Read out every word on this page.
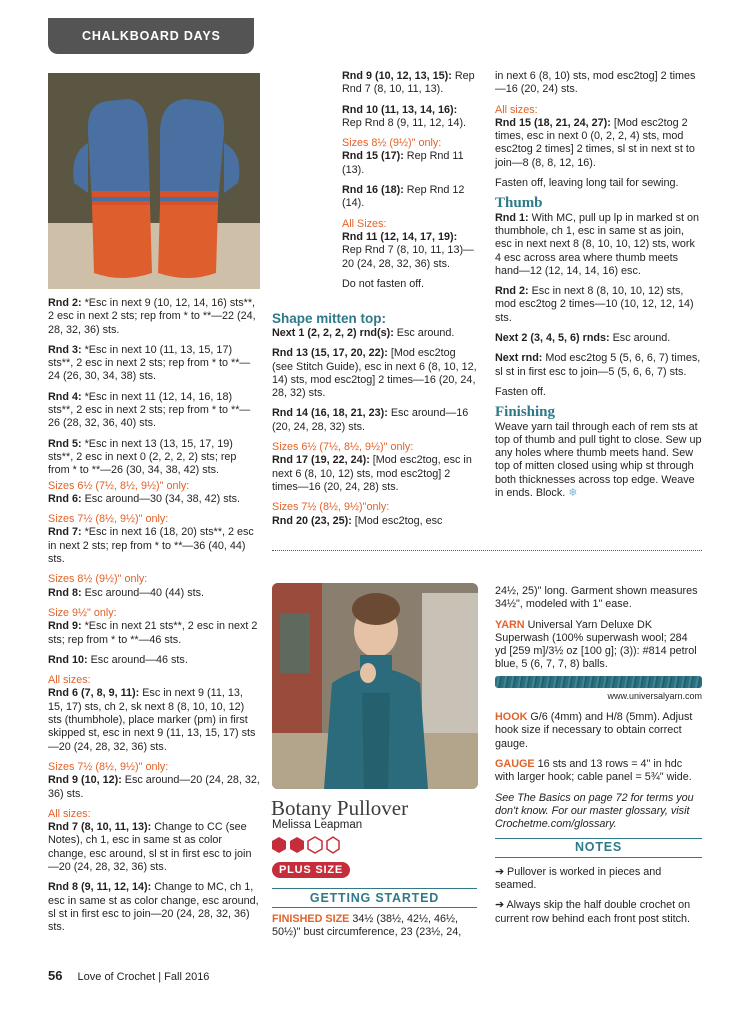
CHALKBOARD DAYS

Rnd 2: *Esc in next 9 (10, 12, 14, 16) sts**, 2 esc in next 2 sts; rep from * to **—22 (24, 28, 32, 36) sts.

Rnd 3: *Esc in next 10 (11, 13, 15, 17) sts**, 2 esc in next 2 sts; rep from * to **—24 (26, 30, 34, 38) sts.

Rnd 4: *Esc in next 11 (12, 14, 16, 18) sts**, 2 esc in next 2 sts; rep from * to **—26 (28, 32, 36, 40) sts.

Rnd 5: *Esc in next 13 (13, 15, 17, 19) sts**, 2 esc in next 0 (2, 2, 2, 2) sts; rep from * to **—26 (30, 34, 38, 42) sts.

Sizes 6½ (7½, 8½, 9½)" only:

Rnd 6: Esc around—30 (34, 38, 42) sts.

Sizes 7½ (8½, 9½)" only:

Rnd 7: *Esc in next 16 (18, 20) sts**, 2 esc in next 2 sts; rep from * to **—36 (40, 44) sts.

Sizes 8½ (9½)" only:

Rnd 8: Esc around—40 (44) sts.

Size 9½" only:

Rnd 9: *Esc in next 21 sts**, 2 esc in next 2 sts; rep from * to **—46 sts.

Rnd 10: Esc around—46 sts.

All sizes:

Rnd 6 (7, 8, 9, 11): Esc in next 9 (11, 13, 15, 17) sts, ch 2, sk next 8 (8, 10, 10, 12) sts (thumbhole), place marker (pm) in first skipped st, esc in next 9 (11, 13, 15, 17) sts—20 (24, 28, 32, 36) sts.

Sizes 7½ (8½, 9½)" only:

Rnd 9 (10, 12): Esc around—20 (24, 28, 32, 36) sts.

All sizes:

Rnd 7 (8, 10, 11, 13): Change to CC (see Notes), ch 1, esc in same st as color change, esc around, sl st in first esc to join—20 (24, 28, 32, 36) sts.

Rnd 8 (9, 11, 12, 14): Change to MC, ch 1, esc in same st as color change, esc around, sl st in first esc to join—20 (24, 28, 32, 36) sts.

Rnd 9 (10, 12, 13, 15): Rep Rnd 7 (8, 10, 11, 13).

Rnd 10 (11, 13, 14, 16): Rep Rnd 8 (9, 11, 12, 14).

Sizes 8½ (9½)" only:

Rnd 15 (17): Rep Rnd 11 (13).

Rnd 16 (18): Rep Rnd 12 (14).

All Sizes:

Rnd 11 (12, 14, 17, 19): Rep Rnd 7 (8, 10, 11, 13)—20 (24, 28, 32, 36) sts.

Do not fasten off.

Shape mitten top:

Next 1 (2, 2, 2, 2) rnd(s): Esc around.

Rnd 13 (15, 17, 20, 22): [Mod esc2tog (see Stitch Guide), esc in next 6 (8, 10, 12, 14) sts, mod esc2tog] 2 times—16 (20, 24, 28, 32) sts.

Rnd 14 (16, 18, 21, 23): Esc around—16 (20, 24, 28, 32) sts.

Sizes 6½ (7½, 8½, 9½)" only:

Rnd 17 (19, 22, 24): [Mod esc2tog, esc in next 6 (8, 10, 12) sts, mod esc2tog] 2 times—16 (20, 24, 28) sts.

Sizes 7½ (8½, 9½)"only:

Rnd 20 (23, 25): [Mod esc2tog, esc

in next 6 (8, 10) sts, mod esc2tog] 2 times—16 (20, 24) sts.

All sizes:

Rnd 15 (18, 21, 24, 27): [Mod esc2tog 2 times, esc in next 0 (0, 2, 2, 4) sts, mod esc2tog 2 times] 2 times, sl st in next st to join—8 (8, 8, 12, 16).

Fasten off, leaving long tail for sewing.

Thumb

Rnd 1: With MC, pull up lp in marked st on thumbhole, ch 1, esc in same st as join, esc in next next 8 (8, 10, 10, 12) sts, work 4 esc across area where thumb meets hand—12 (12, 14, 14, 16) esc.

Rnd 2: Esc in next 8 (8, 10, 10, 12) sts, mod esc2tog 2 times—10 (10, 12, 12, 14) sts.

Next 2 (3, 4, 5, 6) rnds: Esc around.

Next rnd: Mod esc2tog 5 (5, 6, 6, 7) times, sl st in first esc to join—5 (5, 6, 6, 7) sts.

Fasten off.

Finishing

Weave yarn tail through each of rem sts at top of thumb and pull tight to close. Sew up any holes where thumb meets hand. Sew top of mitten closed using whip st through both thicknesses across top edge. Weave in ends. Block. ❄

Botany Pullover
Melissa Leapman
PLUS SIZE
GETTING STARTED

FINISHED SIZE 34½ (38½, 42½, 46½, 50½)" bust circumference, 23 (23½, 24,

24½, 25)" long. Garment shown measures 34½", modeled with 1" ease.

YARN Universal Yarn Deluxe DK Superwash (100% superwash wool; 284 yd [259 m]/3½ oz [100 g]; (3)): #814 petrol blue, 5 (6, 7, 7, 8) balls.

www.universalyarn.com

HOOK G/6 (4mm) and H/8 (5mm). Adjust hook size if necessary to obtain correct gauge.

GAUGE 16 sts and 13 rows = 4" in hdc with larger hook; cable panel = 5¾" wide.

See The Basics on page 72 for terms you don't know. For our master glossary, visit Crochetme.com/glossary.

NOTES

➔ Pullover is worked in pieces and seamed.

➔ Always skip the half double crochet on current row behind each front post stitch.

56 Love of Crochet | Fall 2016
